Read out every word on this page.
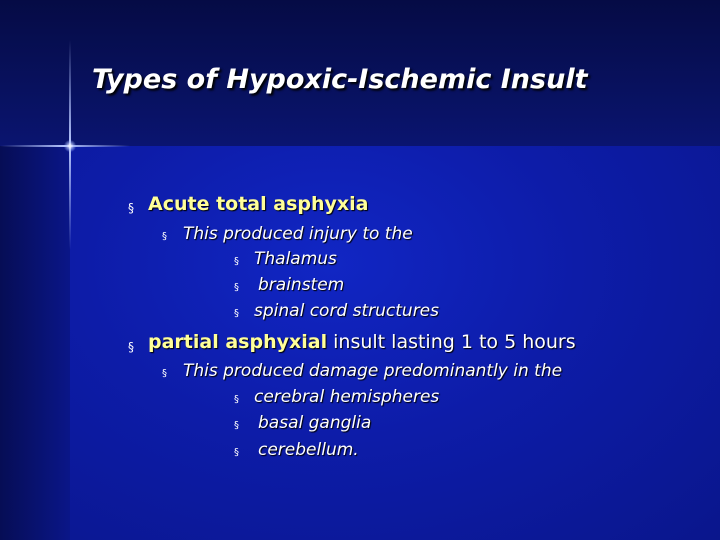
Types of Hypoxic-Ischemic Insult
§ Acute total asphyxia
§ This produced injury to the
§ Thalamus
§ brainstem
§ spinal cord structures
§ partial asphyxial insult lasting 1 to 5 hours
§ This produced damage predominantly in the
§ cerebral hemispheres
§ basal ganglia
§ cerebellum.
